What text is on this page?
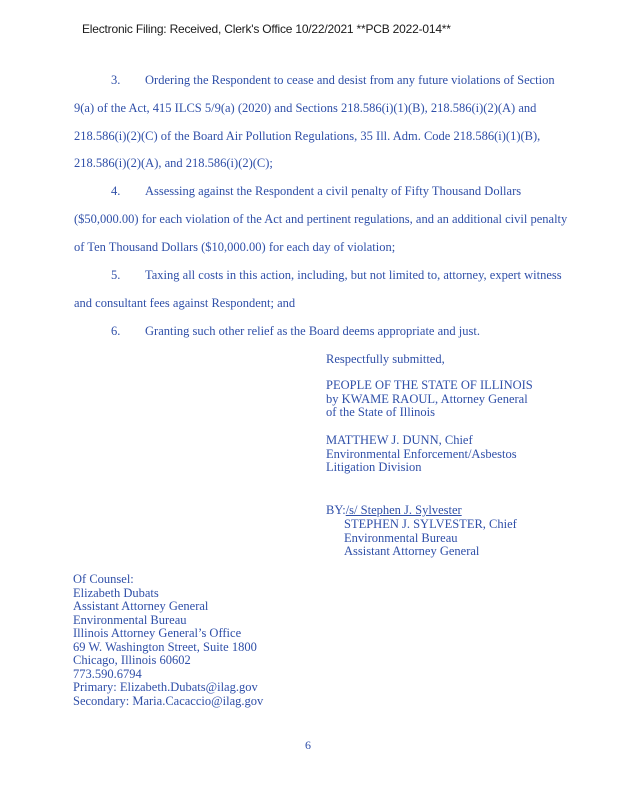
Electronic Filing: Received, Clerk's Office 10/22/2021 **PCB 2022-014**
3. Ordering the Respondent to cease and desist from any future violations of Section
9(a) of the Act, 415 ILCS 5/9(a) (2020) and Sections 218.586(i)(1)(B), 218.586(i)(2)(A) and
218.586(i)(2)(C) of the Board Air Pollution Regulations, 35 Ill. Adm. Code 218.586(i)(1)(B),
218.586(i)(2)(A), and 218.586(i)(2)(C);
4. Assessing against the Respondent a civil penalty of Fifty Thousand Dollars
($50,000.00) for each violation of the Act and pertinent regulations, and an additional civil penalty
of Ten Thousand Dollars ($10,000.00) for each day of violation;
5. Taxing all costs in this action, including, but not limited to, attorney, expert witness
and consultant fees against Respondent; and
6. Granting such other relief as the Board deems appropriate and just.
Respectfully submitted,
PEOPLE OF THE STATE OF ILLINOIS
by KWAME RAOUL, Attorney General
of the State of Illinois
MATTHEW J. DUNN, Chief
Environmental Enforcement/Asbestos
Litigation Division
BY:/s/ Stephen J. Sylvester
STEPHEN J. SYLVESTER, Chief
Environmental Bureau
Assistant Attorney General
Of Counsel:
Elizabeth Dubats
Assistant Attorney General
Environmental Bureau
Illinois Attorney General’s Office
69 W. Washington Street, Suite 1800
Chicago, Illinois 60602
773.590.6794
Primary: Elizabeth.Dubats@ilag.gov
Secondary: Maria.Cacaccio@ilag.gov
6
